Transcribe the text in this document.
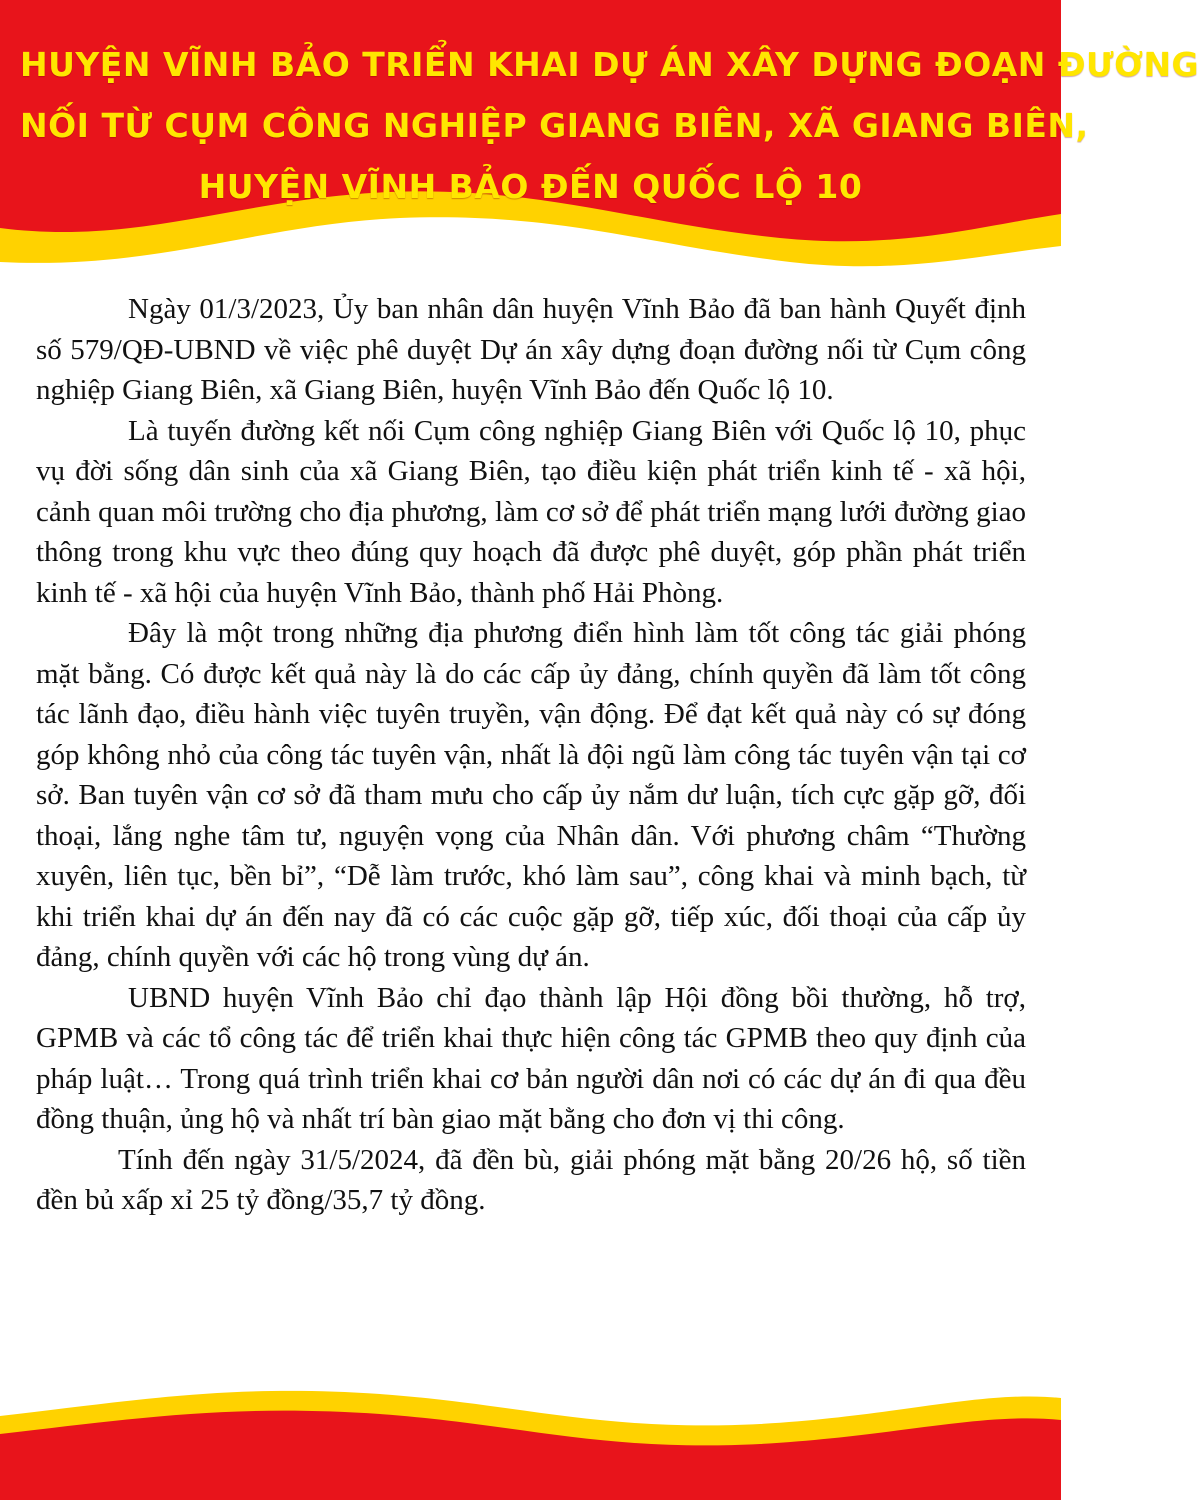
HUYỆN VĨNH BẢO TRIỂN KHAI DỰ ÁN XÂY DỰNG ĐOẠN ĐƯỜNG
NỐI TỪ CỤM CÔNG NGHIỆP GIANG BIÊN, XÃ GIANG BIÊN,
HUYỆN VĨNH BẢO ĐẾN QUỐC LỘ 10

Ngày 01/3/2023, Ủy ban nhân dân huyện Vĩnh Bảo đã ban hành Quyết định số 579/QĐ-UBND về việc phê duyệt Dự án xây dựng đoạn đường nối từ Cụm công nghiệp Giang Biên, xã Giang Biên, huyện Vĩnh Bảo đến Quốc lộ 10.

Là tuyến đường kết nối Cụm công nghiệp Giang Biên với Quốc lộ 10, phục vụ đời sống dân sinh của xã Giang Biên, tạo điều kiện phát triển kinh tế - xã hội, cảnh quan môi trường cho địa phương, làm cơ sở để phát triển mạng lưới đường giao thông trong khu vực theo đúng quy hoạch đã được phê duyệt, góp phần phát triển kinh tế - xã hội của huyện Vĩnh Bảo, thành phố Hải Phòng.

Đây là một trong những địa phương điển hình làm tốt công tác giải phóng mặt bằng. Có được kết quả này là do các cấp ủy đảng, chính quyền đã làm tốt công tác lãnh đạo, điều hành việc tuyên truyền, vận động. Để đạt kết quả này có sự đóng góp không nhỏ của công tác tuyên vận, nhất là đội ngũ làm công tác tuyên vận tại cơ sở. Ban tuyên vận cơ sở đã tham mưu cho cấp ủy nắm dư luận, tích cực gặp gỡ, đối thoại, lắng nghe tâm tư, nguyện vọng của Nhân dân. Với phương châm “Thường xuyên, liên tục, bền bỉ”, “Dễ làm trước, khó làm sau”, công khai và minh bạch, từ khi triển khai dự án đến nay đã có các cuộc gặp gỡ, tiếp xúc, đối thoại của cấp ủy đảng, chính quyền với các hộ trong vùng dự án.

UBND huyện Vĩnh Bảo chỉ đạo thành lập Hội đồng bồi thường, hỗ trợ, GPMB và các tổ công tác để triển khai thực hiện công tác GPMB theo quy định của pháp luật… Trong quá trình triển khai cơ bản người dân nơi có các dự án đi qua đều đồng thuận, ủng hộ và nhất trí bàn giao mặt bằng cho đơn vị thi công.

Tính đến ngày 31/5/2024, đã đền bù, giải phóng mặt bằng 20/26 hộ, số tiền đền bủ xấp xỉ 25 tỷ đồng/35,7 tỷ đồng.
